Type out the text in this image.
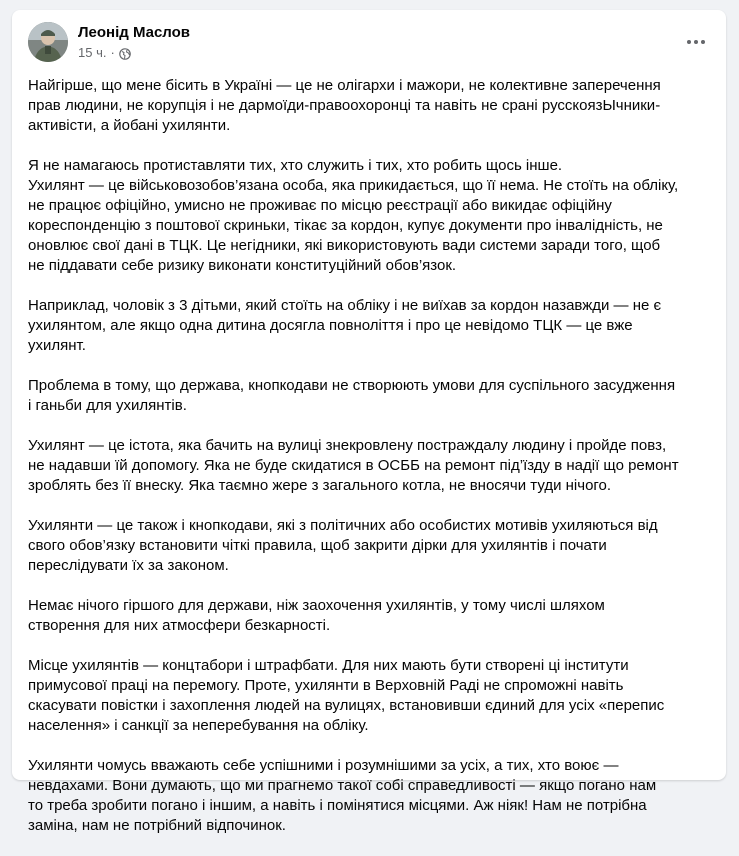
Леонід Маслов
15 ч. ·

Найгірше, що мене бісить в Україні — це не олігархи і мажори, не колективне заперечення
прав людини, не корупція і не дармоїди-правоохоронці та навіть не срані русскоязЫчники-
активісти, а йобані ухилянти.

Я не намагаюсь протиставляти тих, хто служить і тих, хто робить щось інше.
Ухилянт — це військовозобов’язана особа, яка прикидається, що її нема. Не стоїть на обліку,
не працює офіційно, умисно не проживає по місцю реєстрації або викидає офіційну
кореспонденцію з поштової скриньки, тікає за кордон, купує документи про інвалідність, не
оновлює свої дані в ТЦК. Це негідники, які використовують вади системи заради того, щоб
не піддавати себе ризику виконати конституційний обов’язок.

Наприклад, чоловік з 3 дітьми, який стоїть на обліку і не виїхав за кордон назавжди — не є
ухилянтом, але якщо одна дитина досягла повноліття і про це невідомо ТЦК — це вже
ухилянт.

Проблема в тому, що держава, кнопкодави не створюють умови для суспільного засудження
і ганьби для ухилянтів.

Ухилянт — це істота, яка бачить на вулиці знекровлену постраждалу людину і пройде повз,
не надавши їй допомогу. Яка не буде скидатися в ОСББ на ремонт під’їзду в надії що ремонт
зроблять без її внеску. Яка таємно жере з загального котла, не вносячи туди нічого.

Ухилянти — це також і кнопкодави, які з політичних або особистих мотивів ухиляються від
свого обов’язку встановити чіткі правила, щоб закрити дірки для ухилянтів і почати
переслідувати їх за законом.

Немає нічого гіршого для держави, ніж заохочення ухилянтів, у тому числі шляхом
створення для них атмосфери безкарності.

Місце ухилянтів — концтабори і штрафбати. Для них мають бути створені ці інститути
примусової праці на перемогу. Проте, ухилянти в Верховній Раді не спроможні навіть
скасувати повістки і захоплення людей на вулицях, встановивши єдиний для усіх «перепис
населення» і санкції за неперебування на обліку.

Ухилянти чомусь вважають себе успішними і розумнішими за усіх, а тих, хто воює —
невдахами. Вони думають, що ми прагнемо такої собі справедливості — якщо погано нам
то треба зробити погано і іншим, а навіть і помінятися місцями. Аж ніяк! Нам не потрібна
заміна, нам не потрібний відпочинок.
